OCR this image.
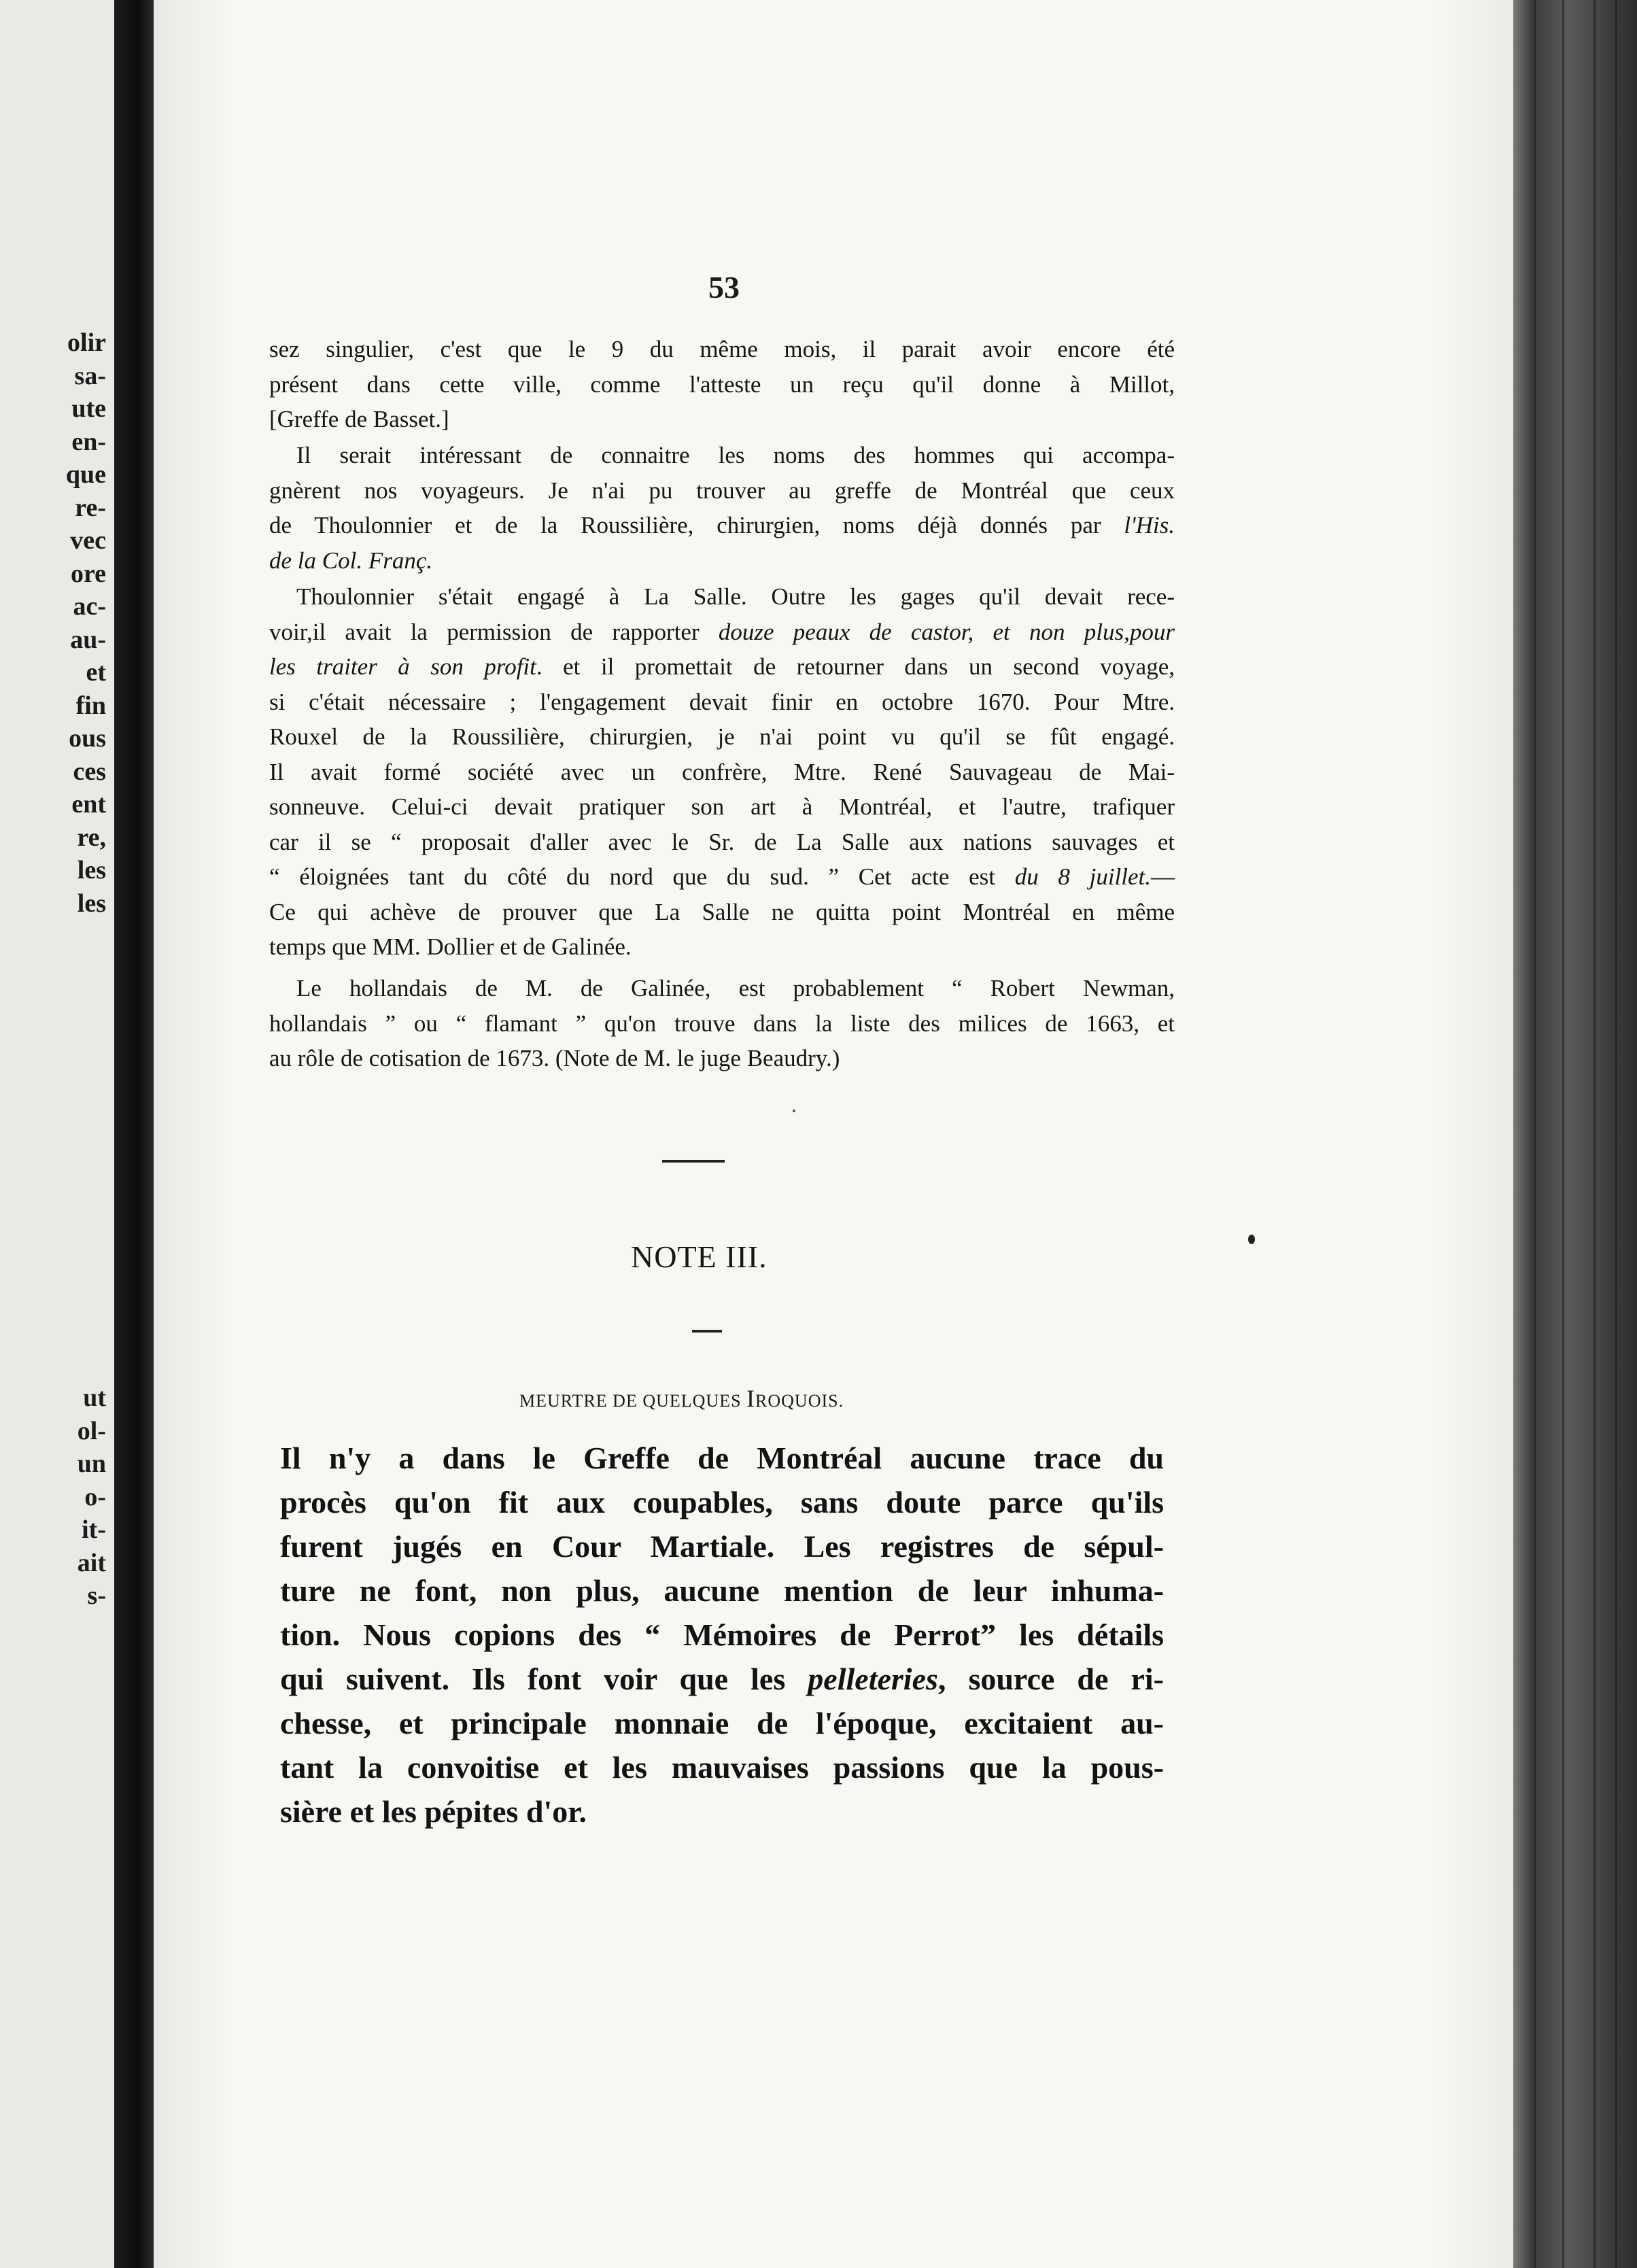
olir
sa-
ute
en-
que
re-
vec
ore
ac-
au-
et
fin
ous
ces
ent
re,
les
les
ut
ol-
un
o-
it-
ait
s-
53
sez singulier, c'est que le 9 du même mois, il parait avoir encore été
présent dans cette ville, comme l'atteste un reçu qu'il donne à Millot,
[Greffe de Basset.]
Il serait intéressant de connaitre les noms des hommes qui accompa-
gnèrent nos voyageurs. Je n'ai pu trouver au greffe de Montréal que ceux
de Thoulonnier et de la Roussilière, chirurgien, noms déjà donnés par l'His.
de la Col. Franç.
Thoulonnier s'était engagé à La Salle. Outre les gages qu'il devait rece-
voir,il avait la permission de rapporter douze peaux de castor, et non plus,pour
les traiter à son profit. et il promettait de retourner dans un second voyage,
si c'était nécessaire ; l'engagement devait finir en octobre 1670. Pour Mtre.
Rouxel de la Roussilière, chirurgien, je n'ai point vu qu'il se fût engagé.
Il avait formé société avec un confrère, Mtre. René Sauvageau de Mai-
sonneuve. Celui-ci devait pratiquer son art à Montréal, et l'autre, trafiquer
car il se “ proposait d'aller avec le Sr. de La Salle aux nations sauvages et
“ éloignées tant du côté du nord que du sud. ” Cet acte est du 8 juillet.—
Ce qui achève de prouver que La Salle ne quitta point Montréal en même
temps que MM. Dollier et de Galinée.
Le hollandais de M. de Galinée, est probablement “ Robert Newman,
hollandais ” ou “ flamant ” qu'on trouve dans la liste des milices de 1663, et
au rôle de cotisation de 1673. (Note de M. le juge Beaudry.)
NOTE III.
MEURTRE DE QUELQUES IROQUOIS.
Il n'y a dans le Greffe de Montréal aucune trace du
procès qu'on fit aux coupables, sans doute parce qu'ils
furent jugés en Cour Martiale. Les registres de sépul-
ture ne font, non plus, aucune mention de leur inhuma-
tion. Nous copions des “ Mémoires de Perrot” les détails
qui suivent. Ils font voir que les pelleteries, source de ri-
chesse, et principale monnaie de l'époque, excitaient au-
tant la convoitise et les mauvaises passions que la pous-
sière et les pépites d'or.
